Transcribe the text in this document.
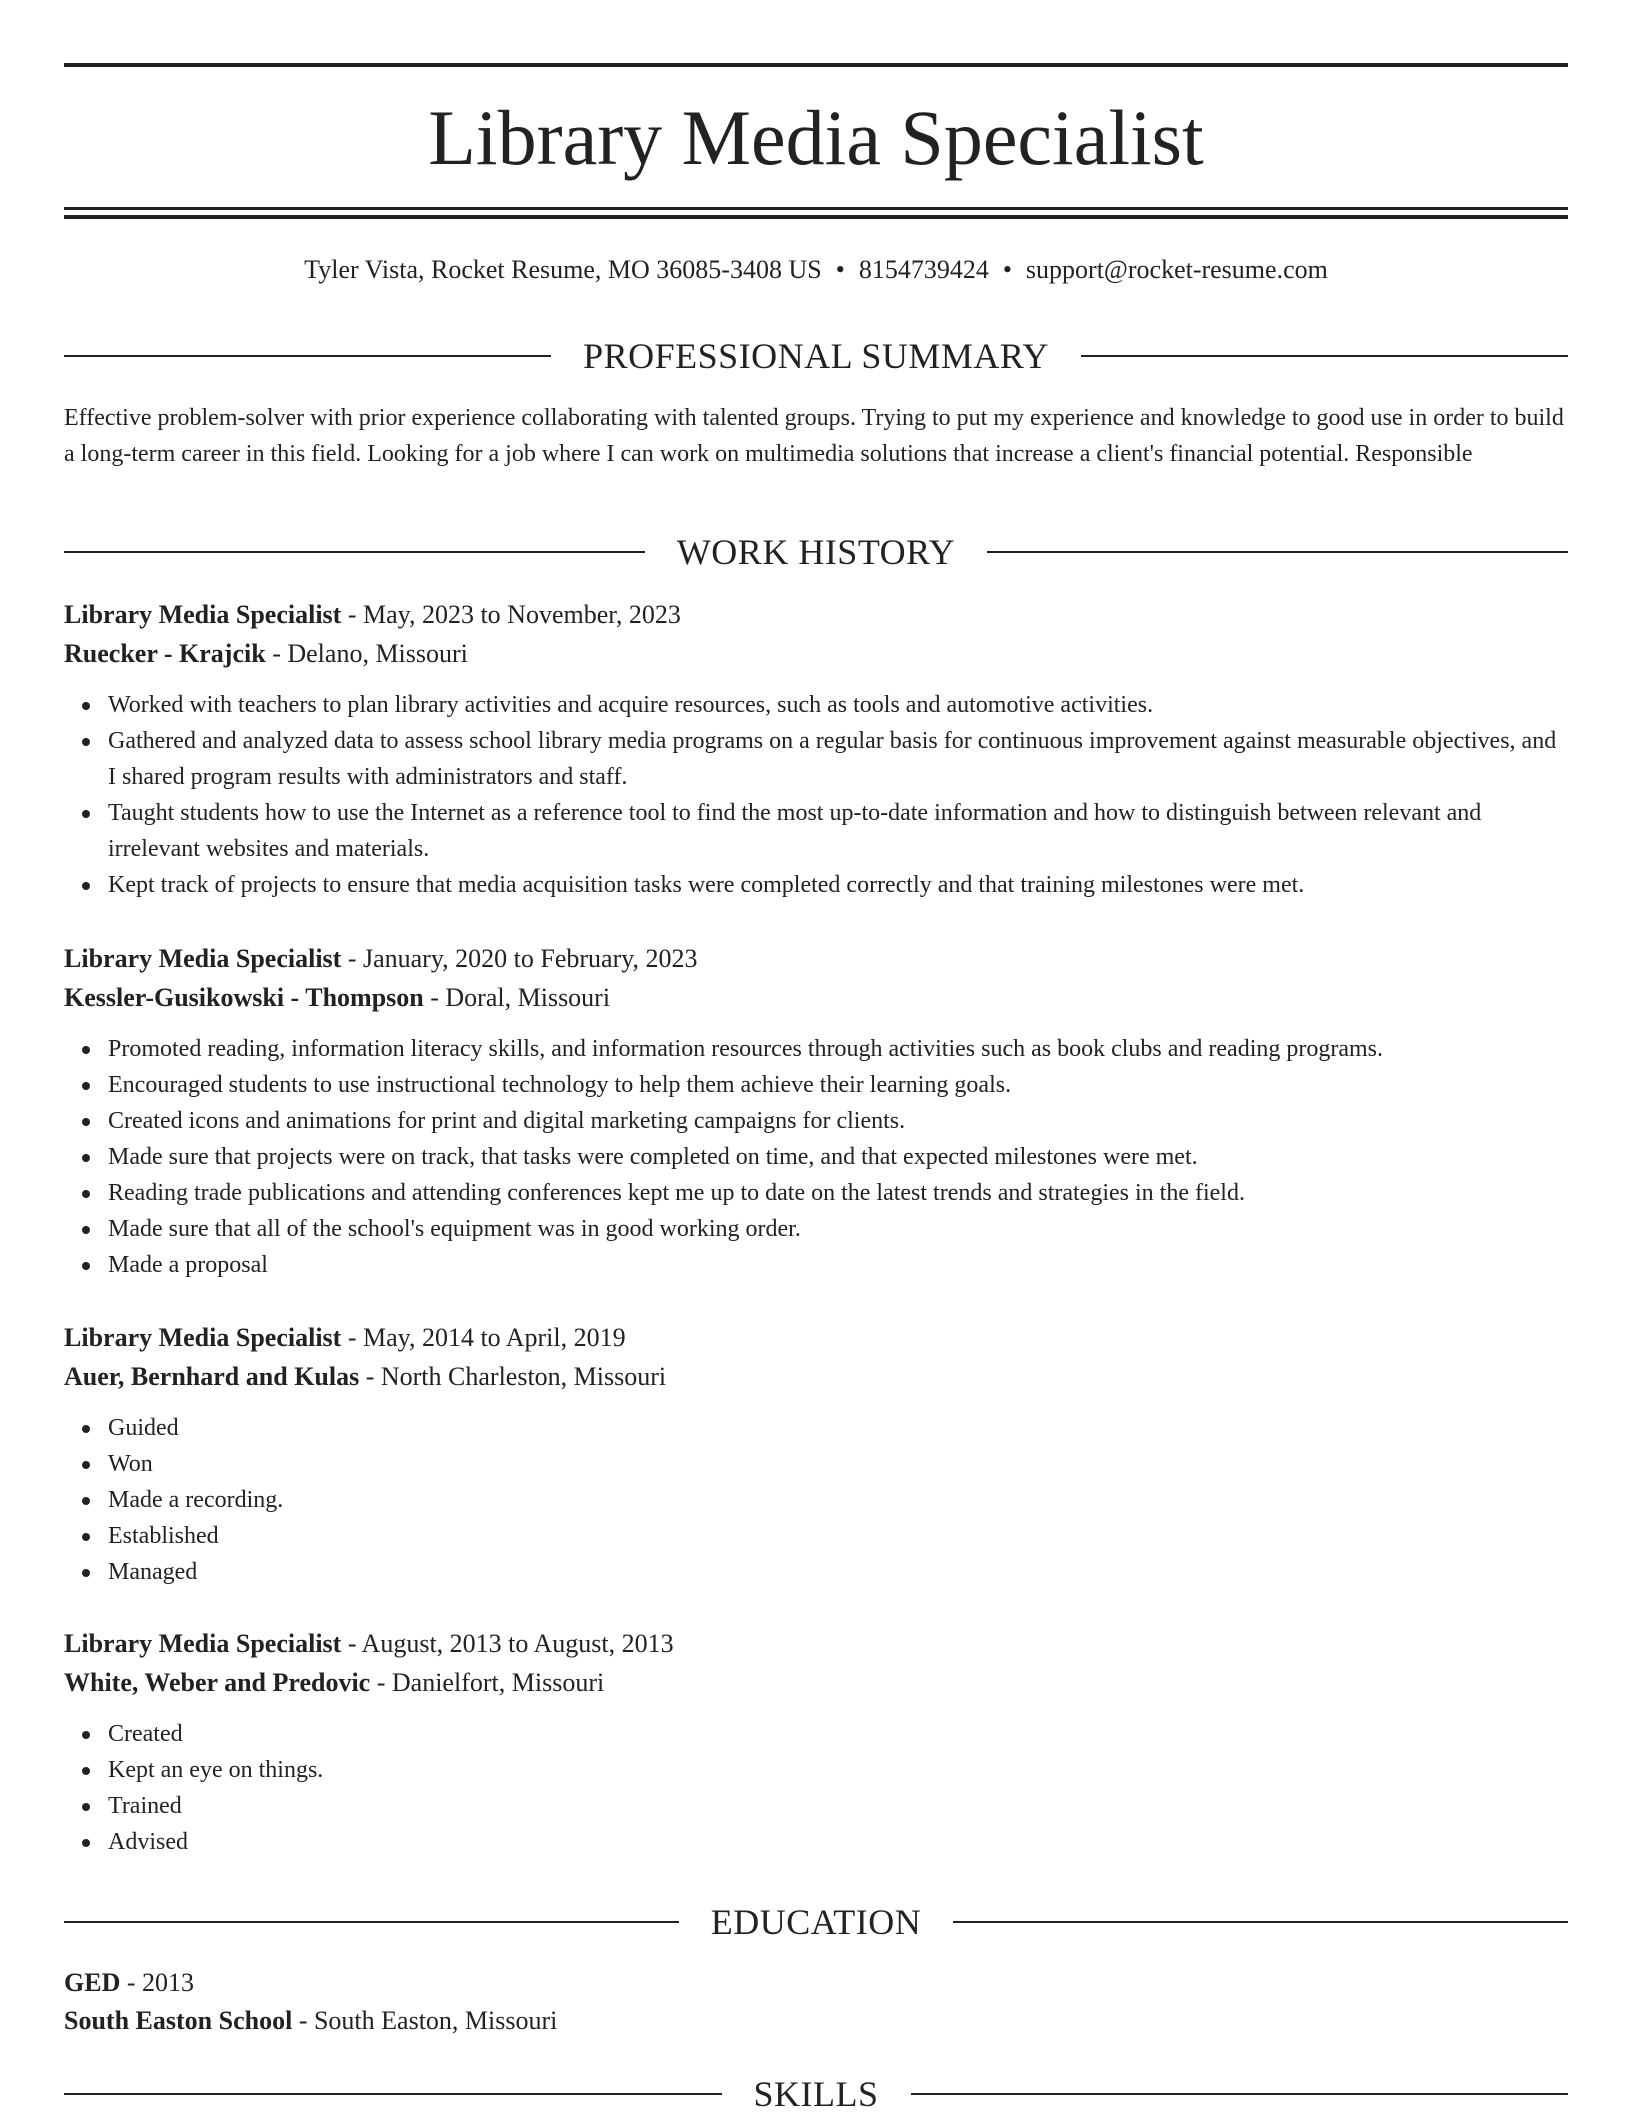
Library Media Specialist
Tyler Vista, Rocket Resume, MO 36085-3408 US • 8154739424 • support@rocket-resume.com
PROFESSIONAL SUMMARY

Effective problem-solver with prior experience collaborating with talented groups. Trying to put my experience and knowledge to good use in order to build a long-term career in this field. Looking for a job where I can work on multimedia solutions that increase a client's financial potential. Responsible

WORK HISTORY
Library Media Specialist - May, 2023 to November, 2023
Ruecker - Krajcik - Delano, Missouri
Worked with teachers to plan library activities and acquire resources, such as tools and automotive activities.
Gathered and analyzed data to assess school library media programs on a regular basis for continuous improvement against measurable objectives, and I shared program results with administrators and staff.
Taught students how to use the Internet as a reference tool to find the most up-to-date information and how to distinguish between relevant and irrelevant websites and materials.
Kept track of projects to ensure that media acquisition tasks were completed correctly and that training milestones were met.
Library Media Specialist - January, 2020 to February, 2023
Kessler-Gusikowski - Thompson - Doral, Missouri
Promoted reading, information literacy skills, and information resources through activities such as book clubs and reading programs.
Encouraged students to use instructional technology to help them achieve their learning goals.
Created icons and animations for print and digital marketing campaigns for clients.
Made sure that projects were on track, that tasks were completed on time, and that expected milestones were met.
Reading trade publications and attending conferences kept me up to date on the latest trends and strategies in the field.
Made sure that all of the school's equipment was in good working order.
Made a proposal
Library Media Specialist - May, 2014 to April, 2019
Auer, Bernhard and Kulas - North Charleston, Missouri
Guided
Won
Made a recording.
Established
Managed
Library Media Specialist - August, 2013 to August, 2013
White, Weber and Predovic - Danielfort, Missouri
Created
Kept an eye on things.
Trained
Advised
EDUCATION
GED - 2013
South Easton School - South Easton, Missouri
SKILLS
